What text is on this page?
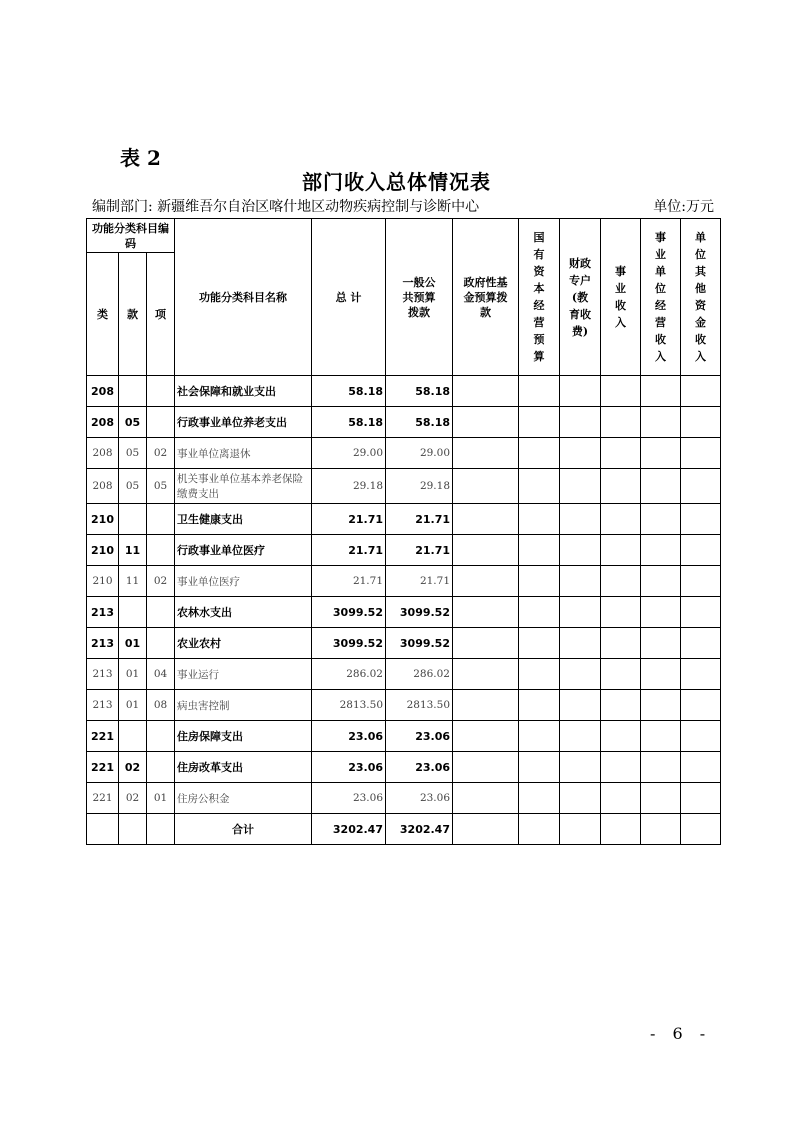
表 2
部门收入总体情况表
编制部门: 新疆维吾尔自治区喀什地区动物疾病控制与诊断中心	单位:万元
功能分类科目编码			功能分类科目名称	总 计	一般公共预算拨款	政府性基金预算拨款	国有资本经营预算	财政专户(教育收费)	事业收入	事业单位经营收入	单位其他资金收入
类	款	项									
208			社会保障和就业支出	58.18	58.18						
208	05		行政事业单位养老支出	58.18	58.18						
208	05	02	事业单位离退休	29.00	29.00						
208	05	05	机关事业单位基本养老保险缴费支出	29.18	29.18						
210			卫生健康支出	21.71	21.71						
210	11		行政事业单位医疗	21.71	21.71						
210	11	02	事业单位医疗	21.71	21.71						
213			农林水支出	3099.52	3099.52						
213	01		农业农村	3099.52	3099.52						
213	01	04	事业运行	286.02	286.02						
213	01	08	病虫害控制	2813.50	2813.50						
221			住房保障支出	23.06	23.06						
221	02		住房改革支出	23.06	23.06						
221	02	01	住房公积金	23.06	23.06						
			合计	3202.47	3202.47						
- 6 -
